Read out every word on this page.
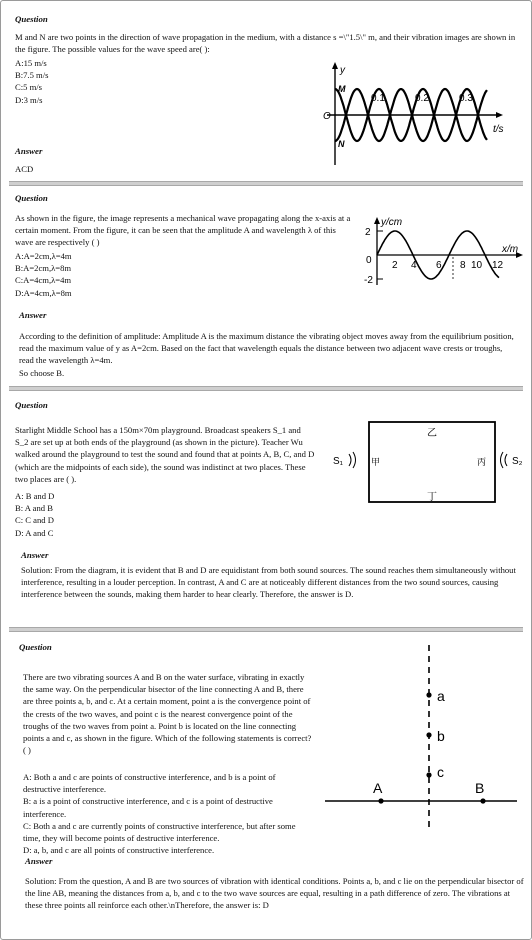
Question
M and N are two points in the direction of wave propagation in the medium, with a distance s =\"1.5\" m, and their vibration images are shown in the figure. The possible values for the wave speed are( ):
A:15 m/s
B:7.5 m/s
C:5 m/s
D:3 m/s
Answer
ACD
y
O
t/s
0.1	0.2	0.3
M
N
Question
As shown in the figure, the image represents a mechanical wave propagating along the x-axis at a certain moment. From the figure, it can be seen that the amplitude A and wavelength λ of this wave are respectively ( )
A:A=2cm,λ=4m
B:A=2cm,λ=8m
C:A=4cm,λ=4m
D:A=4cm,λ=8m
Answer
According to the definition of amplitude: Amplitude A is the maximum distance the vibrating object moves away from the equilibrium position, read the maximum value of y as A=2cm. Based on the fact that wavelength equals the distance between two adjacent wave crests or troughs, read the wavelength λ=4m.
So choose B.
y/cm
x/m
2
-2
0 2 4 6 8 10 12
Question
Starlight Middle School has a 150m×70m playground. Broadcast speakers S_1 and S_2 are set up at both ends of the playground (as shown in the picture). Teacher Wu walked around the playground to test the sound and found that at points A, B, C, and D (which are the midpoints of each side), the sound was indistinct at two places. These two places are ( ).
A: B and D
B: A and B
C: C and D
D: A and C
Answer
Solution: From the diagram, it is evident that B and D are equidistant from both sound sources. The sound reaches them simultaneously without interference, resulting in a louder perception. In contrast, A and C are at noticeably different distances from the two sound sources, causing interference between the sounds, making them harder to hear clearly. Therefore, the answer is D.
S₁	甲	丙
乙
丁
S₂
Question
There are two vibrating sources A and B on the water surface, vibrating in exactly the same way. On the perpendicular bisector of the line connecting A and B, there are three points a, b, and c. At a certain moment, point a is the convergence point of the crests of the two waves, and point c is the nearest convergence point of the troughs of the two waves from point a. Point b is located on the line connecting points a and c, as shown in the figure. Which of the following statements is correct? ( )
A: Both a and c are points of constructive interference, and b is a point of destructive interference.
B: a is a point of constructive interference, and c is a point of destructive interference.
C: Both a and c are currently points of constructive interference, but after some time, they will become points of destructive interference.
D: a, b, and c are all points of constructive interference.
Answer
Solution: From the question, A and B are two sources of vibration with identical conditions. Points a, b, and c lie on the perpendicular bisector of the line AB, meaning the distances from a, b, and c to the two wave sources are equal, resulting in a path difference of zero. The vibrations at these three points all reinforce each other.\nTherefore, the answer is: D
a
b
c
A	B
